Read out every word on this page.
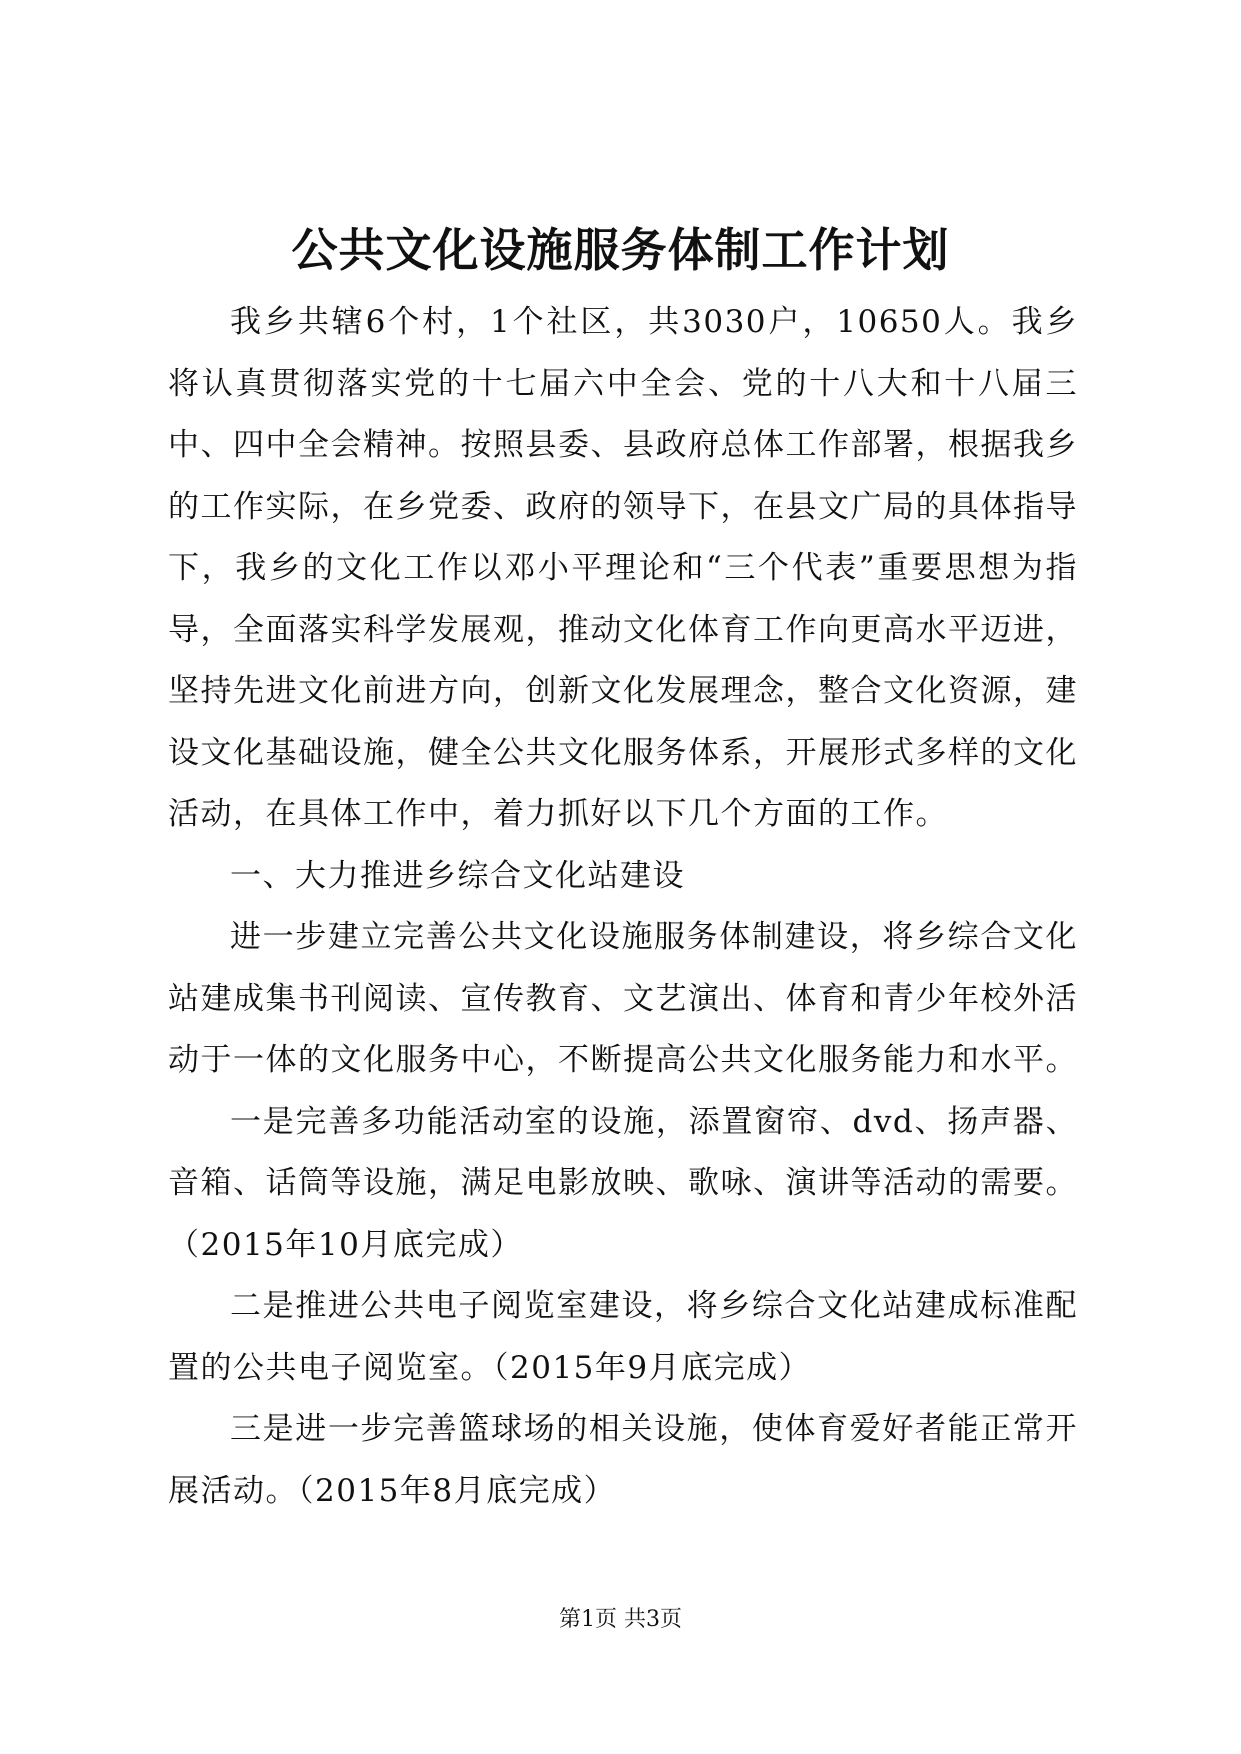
公共文化设施服务体制工作计划

我乡共辖6个村，1个社区，共3030户，10650人。我乡将认真贯彻落实党的十七届六中全会、党的十八大和十八届三中、四中全会精神。按照县委、县政府总体工作部署，根据我乡的工作实际，在乡党委、政府的领导下，在县文广局的具体指导下，我乡的文化工作以邓小平理论和“三个代表”重要思想为指导，全面落实科学发展观，推动文化体育工作向更高水平迈进，坚持先进文化前进方向，创新文化发展理念，整合文化资源，建设文化基础设施，健全公共文化服务体系，开展形式多样的文化活动，在具体工作中，着力抓好以下几个方面的工作。

一、大力推进乡综合文化站建设

进一步建立完善公共文化设施服务体制建设，将乡综合文化站建成集书刊阅读、宣传教育、文艺演出、体育和青少年校外活动于一体的文化服务中心，不断提高公共文化服务能力和水平。

一是完善多功能活动室的设施，添置窗帘、dvd、扬声器、音箱、话筒等设施，满足电影放映、歌咏、演讲等活动的需要。

（2015年10月底完成）

二是推进公共电子阅览室建设，将乡综合文化站建成标准配置的公共电子阅览室。（2015年9月底完成）

三是进一步完善篮球场的相关设施，使体育爱好者能正常开展活动。（2015年8月底完成）

第1页 共3页
